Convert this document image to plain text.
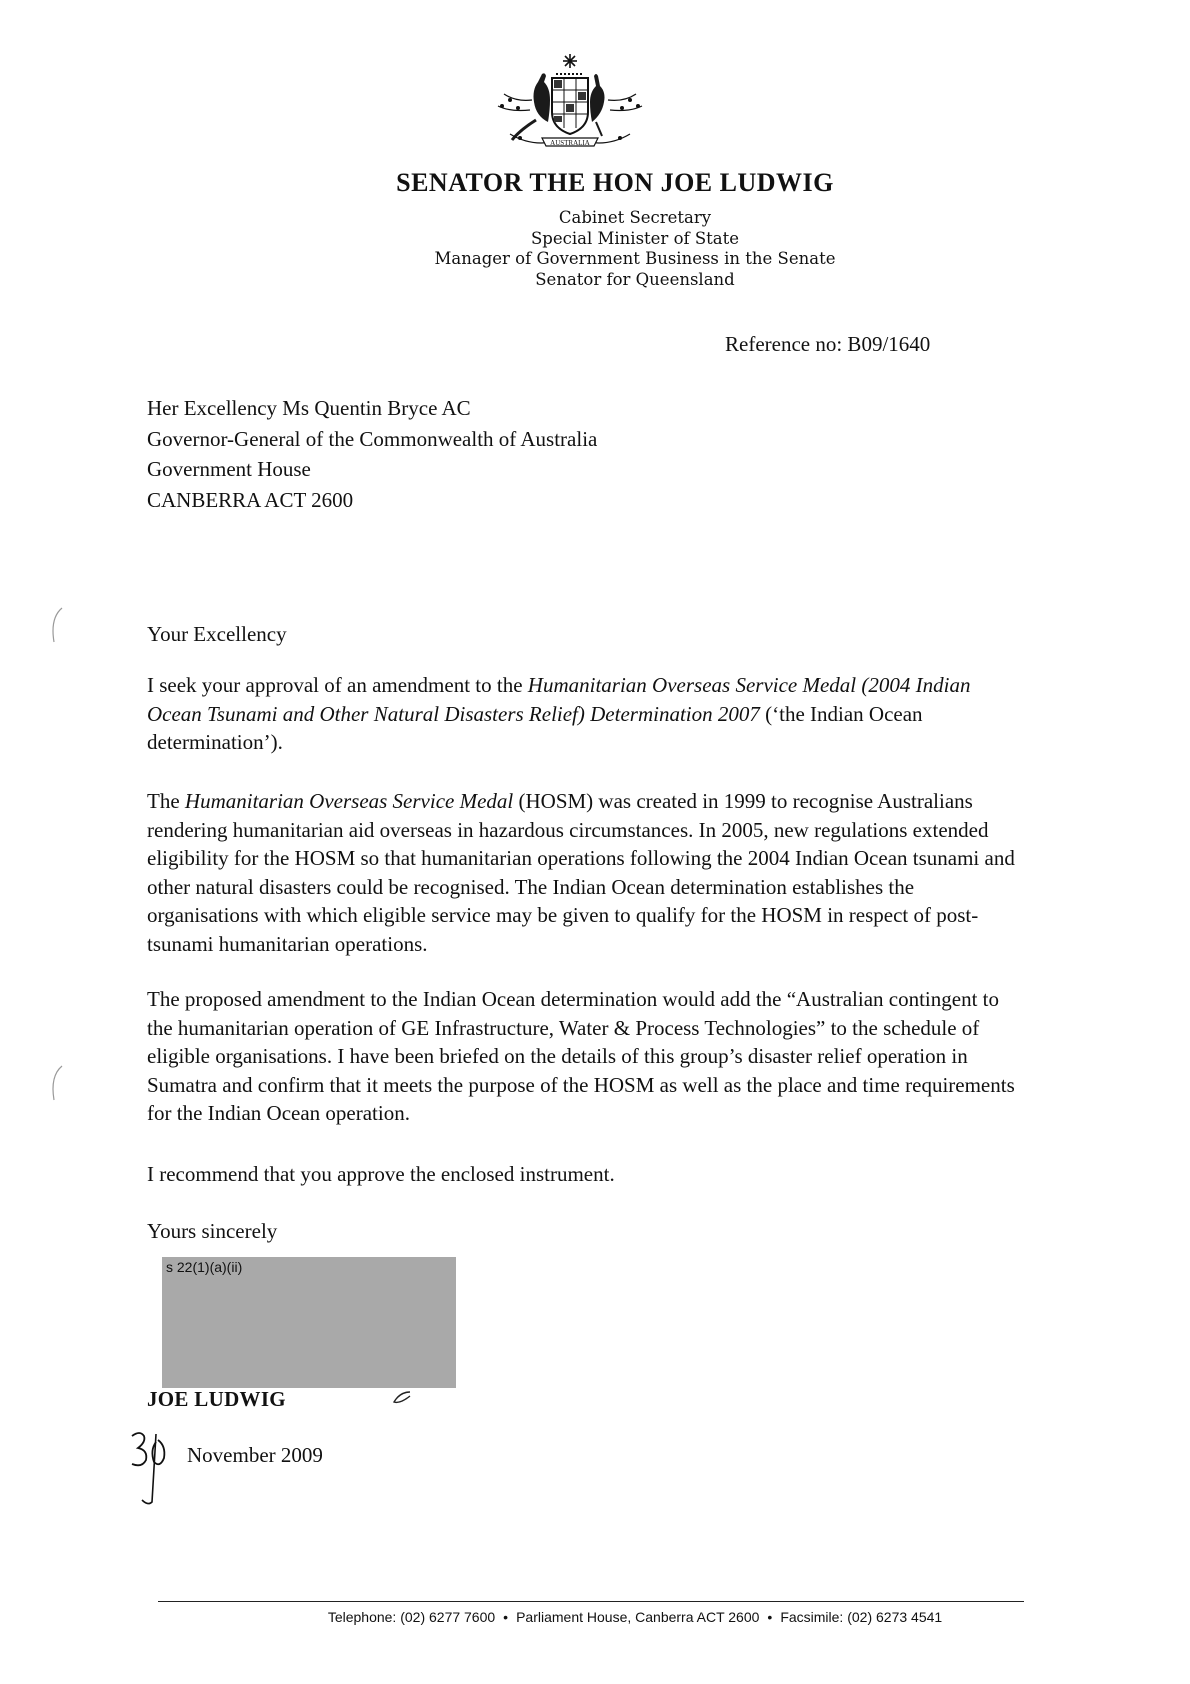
AUSTRALIA
SENATOR THE HON JOE LUDWIG
Cabinet Secretary
Special Minister of State
Manager of Government Business in the Senate
Senator for Queensland
Reference no: B09/1640
Her Excellency Ms Quentin Bryce AC
Governor-General of the Commonwealth of Australia
Government House
CANBERRA ACT 2600
Your Excellency
I seek your approval of an amendment to the Humanitarian Overseas Service Medal (2004 Indian Ocean Tsunami and Other Natural Disasters Relief) Determination 2007 (‘the Indian Ocean determination’).
The Humanitarian Overseas Service Medal (HOSM) was created in 1999 to recognise Australians rendering humanitarian aid overseas in hazardous circumstances. In 2005, new regulations extended eligibility for the HOSM so that humanitarian operations following the 2004 Indian Ocean tsunami and other natural disasters could be recognised. The Indian Ocean determination establishes the organisations with which eligible service may be given to qualify for the HOSM in respect of post-tsunami humanitarian operations.
The proposed amendment to the Indian Ocean determination would add the “Australian contingent to the humanitarian operation of GE Infrastructure, Water & Process Technologies” to the schedule of eligible organisations. I have been briefed on the details of this group’s disaster relief operation in Sumatra and confirm that it meets the purpose of the HOSM as well as the place and time requirements for the Indian Ocean operation.
I recommend that you approve the enclosed instrument.
Yours sincerely
s 22(1)(a)(ii)
JOE LUDWIG
November 2009
Telephone: (02) 6277 7600 • Parliament House, Canberra ACT 2600 • Facsimile: (02) 6273 4541
